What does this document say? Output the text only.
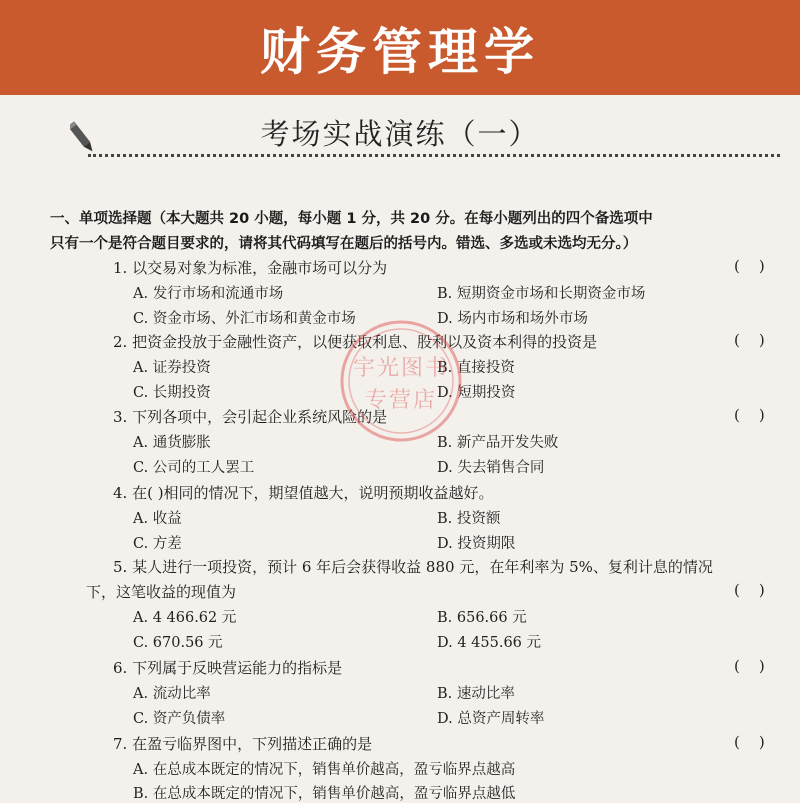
财务管理学
考场实战演练（一）
一、单项选择题（本大题共 20 小题，每小题 1 分，共 20 分。在每小题列出的四个备选项中
只有一个是符合题目要求的，请将其代码填写在题后的括号内。错选、多选或未选均无分。）
1. 以交易对象为标准，金融市场可以分为	(    )
A. 发行市场和流通市场	B. 短期资金市场和长期资金市场
C. 资金市场、外汇市场和黄金市场	D. 场内市场和场外市场
2. 把资金投放于金融性资产，以便获取利息、股利以及资本利得的投资是	(    )
A. 证券投资	B. 直接投资
C. 长期投资	D. 短期投资
3. 下列各项中，会引起企业系统风险的是	(    )
A. 通货膨胀	B. 新产品开发失败
C. 公司的工人罢工	D. 失去销售合同
4. 在( )相同的情况下，期望值越大，说明预期收益越好。
A. 收益	B. 投资额
C. 方差	D. 投资期限
5. 某人进行一项投资，预计 6 年后会获得收益 880 元，在年利率为 5%、复利计息的情况
下，这笔收益的现值为	(    )
A. 4 466.62 元	B. 656.66 元
C. 670.56 元	D. 4 455.66 元
6. 下列属于反映营运能力的指标是	(    )
A. 流动比率	B. 速动比率
C. 资产负债率	D. 总资产周转率
7. 在盈亏临界图中，下列描述正确的是	(    )
A. 在总成本既定的情况下，销售单价越高，盈亏临界点越高
B. 在总成本既定的情况下，销售单价越高，盈亏临界点越低
宇光图书
专营店
